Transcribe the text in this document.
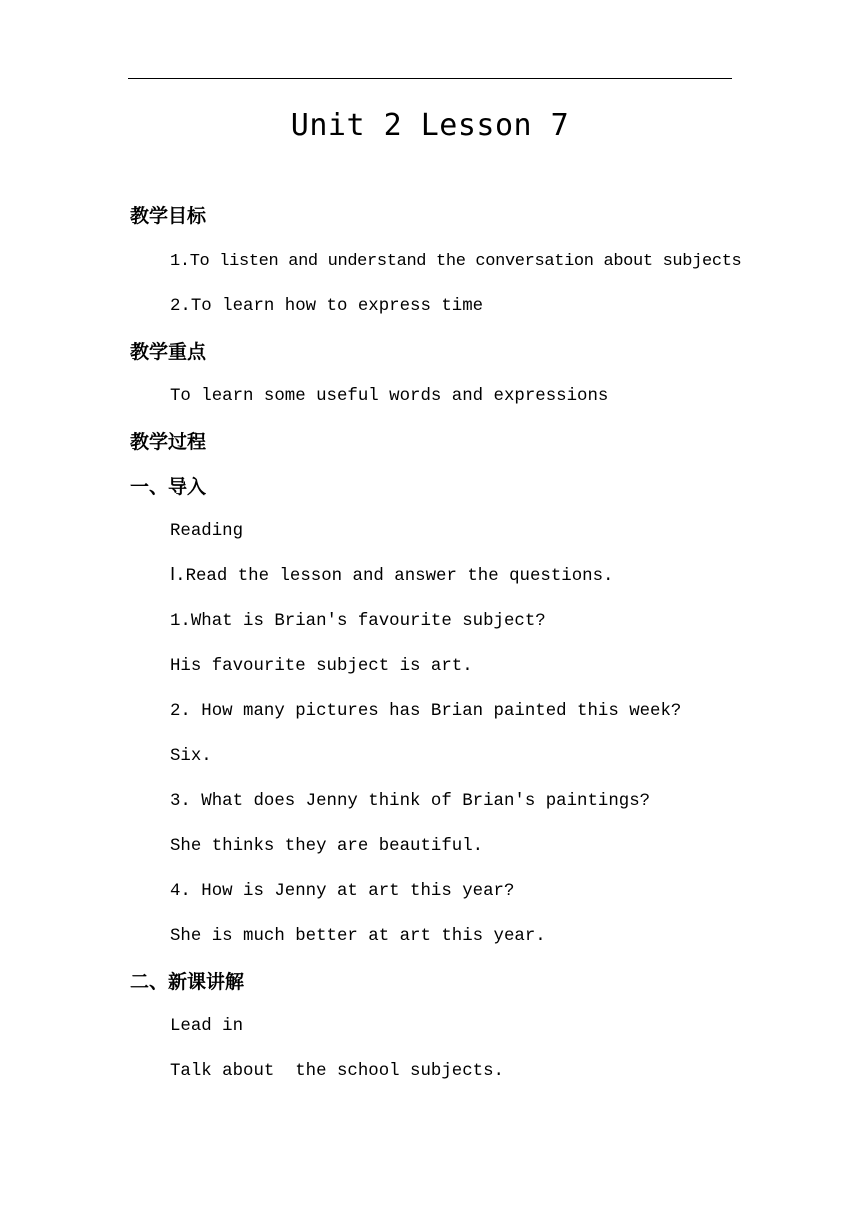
Unit 2 Lesson 7
教学目标
1.To listen and understand the conversation about subjects
2.To learn how to express time
教学重点
To learn some useful words and expressions
教学过程
一、导入
Reading
Ⅰ.Read the lesson and answer the questions.
1.What is Brian's favourite subject?
His favourite subject is art.
2. How many pictures has Brian painted this week?
Six.
3. What does Jenny think of Brian's paintings?
She thinks they are beautiful.
4. How is Jenny at art this year?
She is much better at art this year.
二、新课讲解
Lead in
Talk about  the school subjects.
